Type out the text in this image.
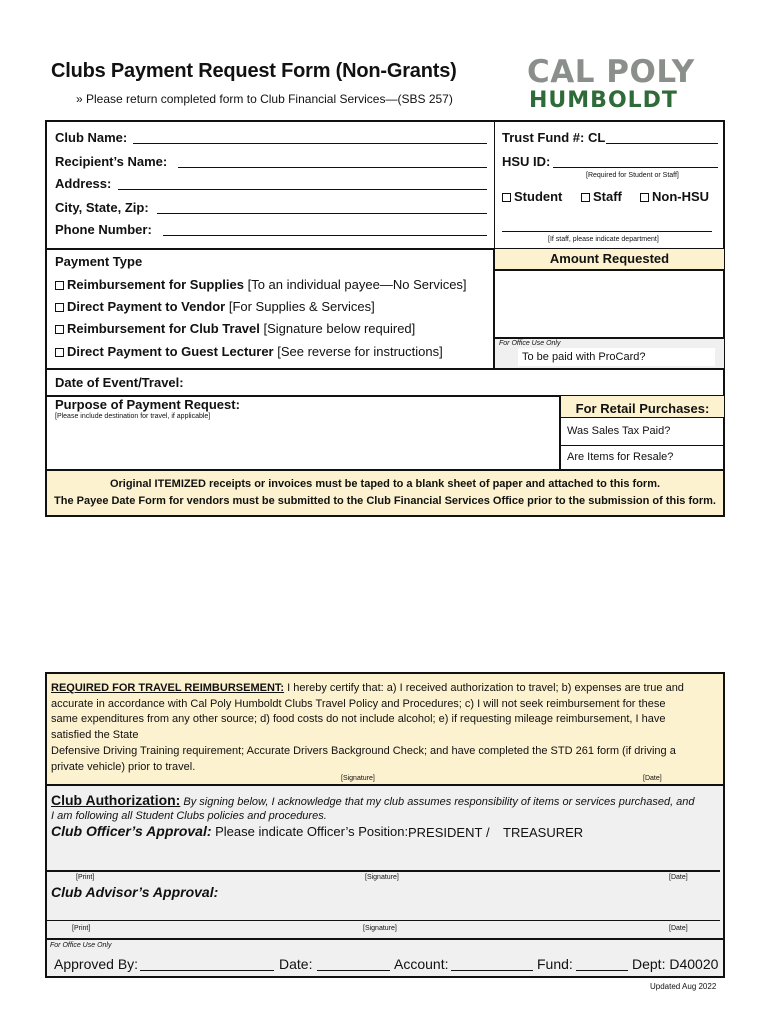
Clubs Payment Request Form (Non-Grants)
» Please return completed form to Club Financial Services—(SBS 257)
CAL POLY
HUMBOLDT
Club Name:
Recipient’s Name:
Address:
City, State, Zip:
Phone Number:
Trust Fund #: CL
HSU ID:
[Required for Student or Staff]
Student	Staff	Non-HSU
[If staff, please indicate department]
Payment Type
Reimbursement for Supplies [To an individual payee—No Services]
Direct Payment to Vendor [For Supplies & Services]
Reimbursement for Club Travel [Signature below required]
Direct Payment to Guest Lecturer [See reverse for instructions]
Amount Requested
For Office Use Only
To be paid with ProCard?
Date of Event/Travel:
Purpose of Payment Request:
[Please include destination for travel, if applicable]
For Retail Purchases:
Was Sales Tax Paid?
Are Items for Resale?
Original ITEMIZED receipts or invoices must be taped to a blank sheet of paper and attached to this form.
The Payee Date Form for vendors must be submitted to the Club Financial Services Office prior to the submission of this form.
REQUIRED FOR TRAVEL REIMBURSEMENT: I hereby certify that: a) I received authorization to travel; b) expenses are true and
accurate in accordance with Cal Poly Humboldt Clubs Travel Policy and Procedures; c) I will not seek reimbursement for these
same expenditures from any other source; d) food costs do not include alcohol; e) if requesting mileage reimbursement, I have
satisfied the State
Defensive Driving Training requirement; Accurate Drivers Background Check; and have completed the STD 261 form (if driving a
private vehicle) prior to travel.
[Signature]	[Date]
Club Authorization: By signing below, I acknowledge that my club assumes responsibility of items or services purchased, and
I am following all Student Clubs policies and procedures.
Club Officer’s Approval: Please indicate Officer’s Position: PRESIDENT / TREASURER
[Print]	[Signature]	[Date]
Club Advisor’s Approval:
[Print]	[Signature]	[Date]
For Office Use Only
Approved By:	Date:	Account:	Fund:	Dept: D40020
Updated Aug 2022
